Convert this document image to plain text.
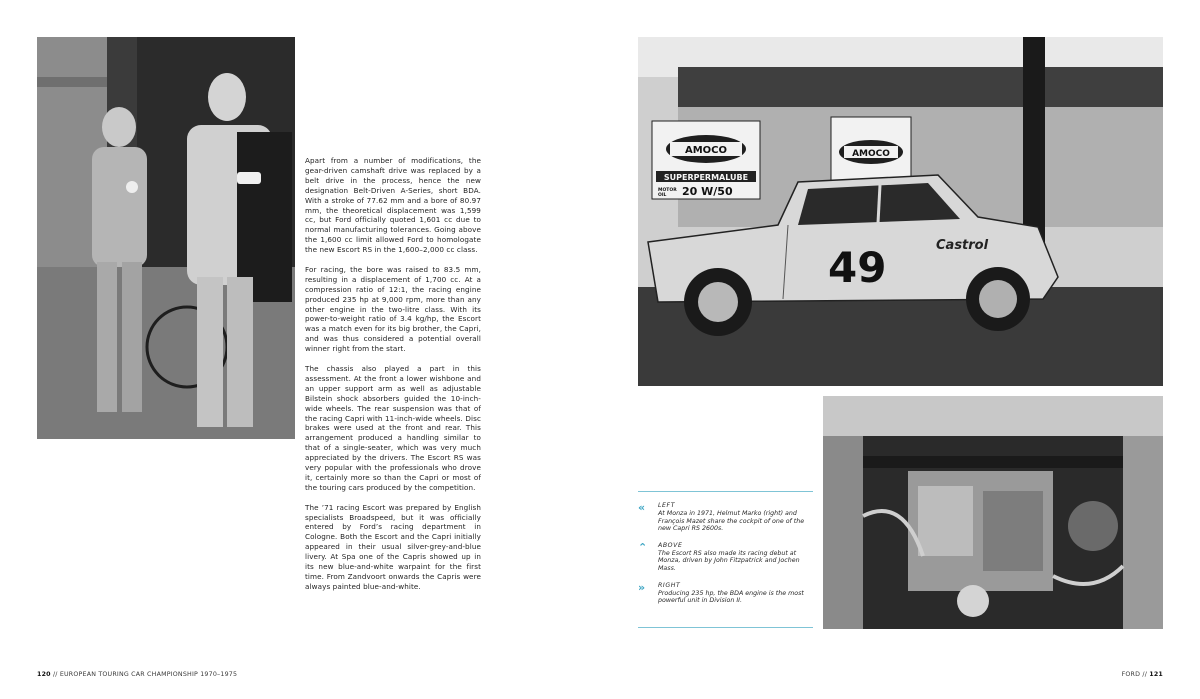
Apart from a number of modifications, the gear-driven camshaft drive was replaced by a belt drive in the process, hence the new designation Belt-Driven A-Series, short BDA. With a stroke of 77.62 mm and a bore of 80.97 mm, the theoretical displacement was 1,599 cc, but Ford officially quoted 1,601 cc due to normal manufacturing tolerances. Going above the 1,600 cc limit allowed Ford to homologate the new Escort RS in the 1,600–2,000 cc class.

For racing, the bore was raised to 83.5 mm, resulting in a displacement of 1,700 cc. At a compression ratio of 12:1, the racing engine produced 235 hp at 9,000 rpm, more than any other engine in the two-litre class. With its power-to-weight ratio of 3.4 kg/hp, the Escort was a match even for its big brother, the Capri, and was thus considered a potential overall winner right from the start.

The chassis also played a part in this assessment. At the front a lower wishbone and an upper support arm as well as adjustable Bilstein shock absorbers guided the 10-inch-wide wheels. The rear suspension was that of the racing Capri with 11-inch-wide wheels. Disc brakes were used at the front and rear. This arrangement produced a handling similar to that of a single-seater, which was very much appreciated by the drivers. The Escort RS was very popular with the professionals who drove it, certainly more so than the Capri or most of the touring cars produced by the competition.

The ’71 racing Escort was prepared by English specialists Broadspeed, but it was officially entered by Ford’s racing department in Cologne. Both the Escort and the Capri initially appeared in their usual silver-grey-and-blue livery. At Spa one of the Capris showed up in its new blue-and-white warpaint for the first time. From Zandvoort onwards the Capris were always painted blue-and-white.

AMOCO
SUPERPERMALUBE
MOTOR
OIL 20 W/50
AMOCO
49	Castrol
«	LEFT
At Monza in 1971, Helmut Marko (right) and François Mazet share the cockpit of one of the new Capri RS 2600s.
⌃	ABOVE
The Escort RS also made its racing debut at Monza, driven by John Fitzpatrick and Jochen Mass.
»	RIGHT
Producing 235 hp, the BDA engine is the most powerful unit in Division II.
120 // EUROPEAN TOURING CAR CHAMPIONSHIP 1970–1975	FORD // 121
